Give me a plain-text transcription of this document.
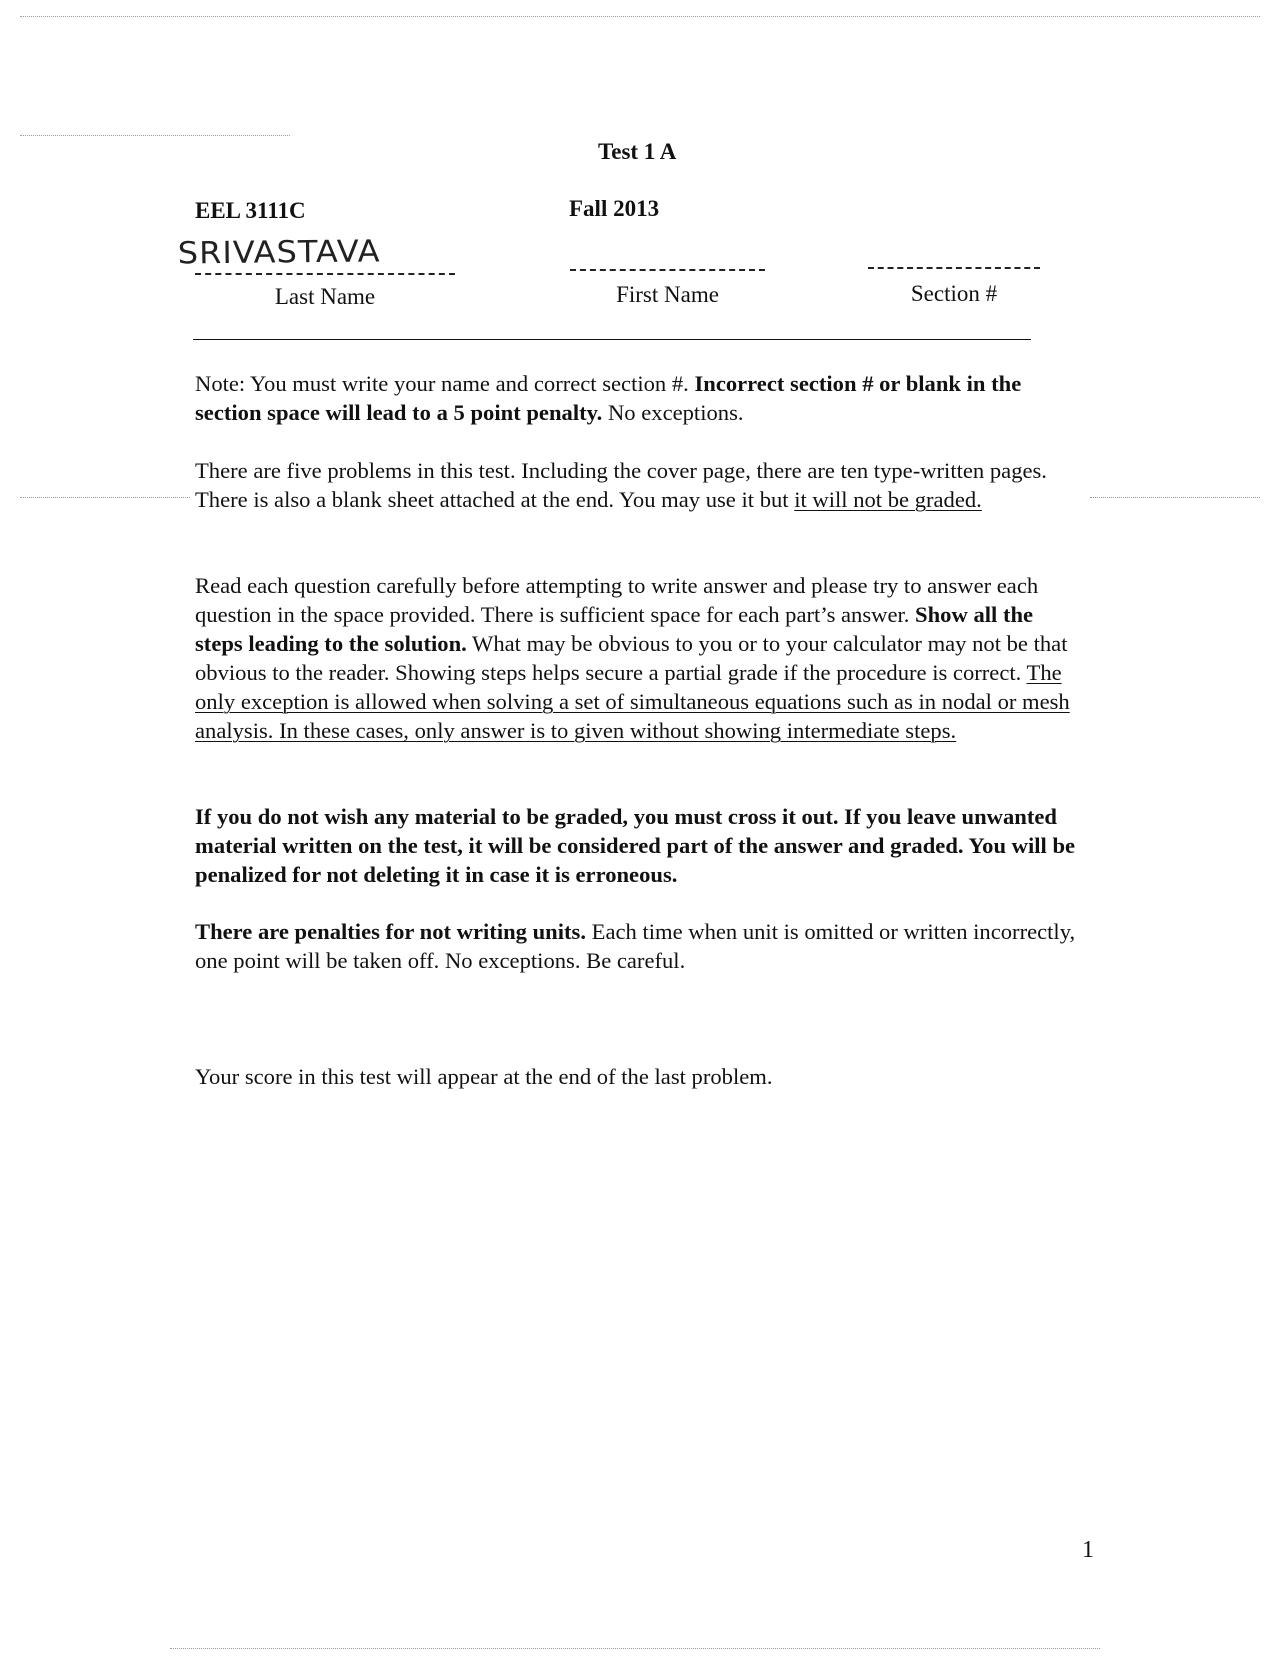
Test 1 A
EEL 3111C	Fall 2013
SRIVASTAVA
Last Name	First Name	Section #

Note: You must write your name and correct section #. Incorrect section # or blank in the section space will lead to a 5 point penalty. No exceptions.

There are five problems in this test. Including the cover page, there are ten type-written pages. There is also a blank sheet attached at the end. You may use it but it will not be graded.

Read each question carefully before attempting to write answer and please try to answer each question in the space provided. There is sufficient space for each part’s answer. Show all the steps leading to the solution. What may be obvious to you or to your calculator may not be that obvious to the reader. Showing steps helps secure a partial grade if the procedure is correct. The only exception is allowed when solving a set of simultaneous equations such as in nodal or mesh analysis. In these cases, only answer is to given without showing intermediate steps.

If you do not wish any material to be graded, you must cross it out. If you leave unwanted material written on the test, it will be considered part of the answer and graded. You will be penalized for not deleting it in case it is erroneous.

There are penalties for not writing units. Each time when unit is omitted or written incorrectly, one point will be taken off. No exceptions. Be careful.

Your score in this test will appear at the end of the last problem.

1
